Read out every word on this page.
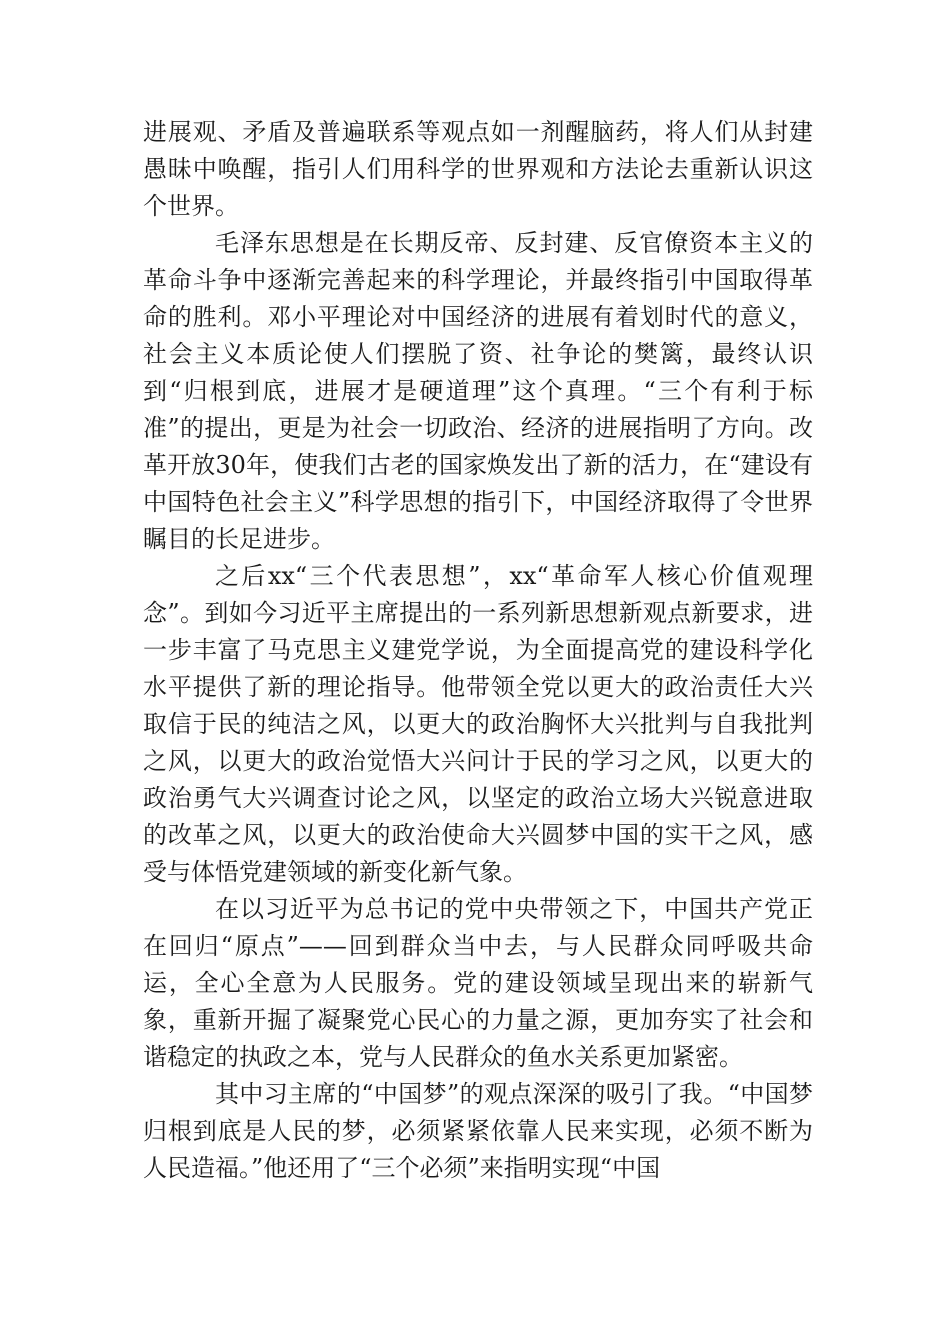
进展观、矛盾及普遍联系等观点如一剂醒脑药，将人们从封建愚昧中唤醒，指引人们用科学的世界观和方法论去重新认识这个世界。

毛泽东思想是在长期反帝、反封建、反官僚资本主义的革命斗争中逐渐完善起来的科学理论，并最终指引中国取得革命的胜利。邓小平理论对中国经济的进展有着划时代的意义，社会主义本质论使人们摆脱了资、社争论的樊篱，最终认识到“归根到底，进展才是硬道理”这个真理。“三个有利于标准”的提出，更是为社会一切政治、经济的进展指明了方向。改革开放30年，使我们古老的国家焕发出了新的活力，在“建设有中国特色社会主义”科学思想的指引下，中国经济取得了令世界瞩目的长足进步。

之后xx“三个代表思想”，xx“革命军人核心价值观理念”。到如今习近平主席提出的一系列新思想新观点新要求，进一步丰富了马克思主义建党学说，为全面提高党的建设科学化水平提供了新的理论指导。他带领全党以更大的政治责任大兴取信于民的纯洁之风，以更大的政治胸怀大兴批判与自我批判之风，以更大的政治觉悟大兴问计于民的学习之风，以更大的政治勇气大兴调查讨论之风，以坚定的政治立场大兴锐意进取的改革之风，以更大的政治使命大兴圆梦中国的实干之风，感受与体悟党建领域的新变化新气象。

在以习近平为总书记的党中央带领之下，中国共产党正在回归“原点”——回到群众当中去，与人民群众同呼吸共命运，全心全意为人民服务。党的建设领域呈现出来的崭新气象，重新开掘了凝聚党心民心的力量之源，更加夯实了社会和谐稳定的执政之本，党与人民群众的鱼水关系更加紧密。

其中习主席的“中国梦”的观点深深的吸引了我。“中国梦归根到底是人民的梦，必须紧紧依靠人民来实现，必须不断为人民造福。”他还用了“三个必须”来指明实现“中国
